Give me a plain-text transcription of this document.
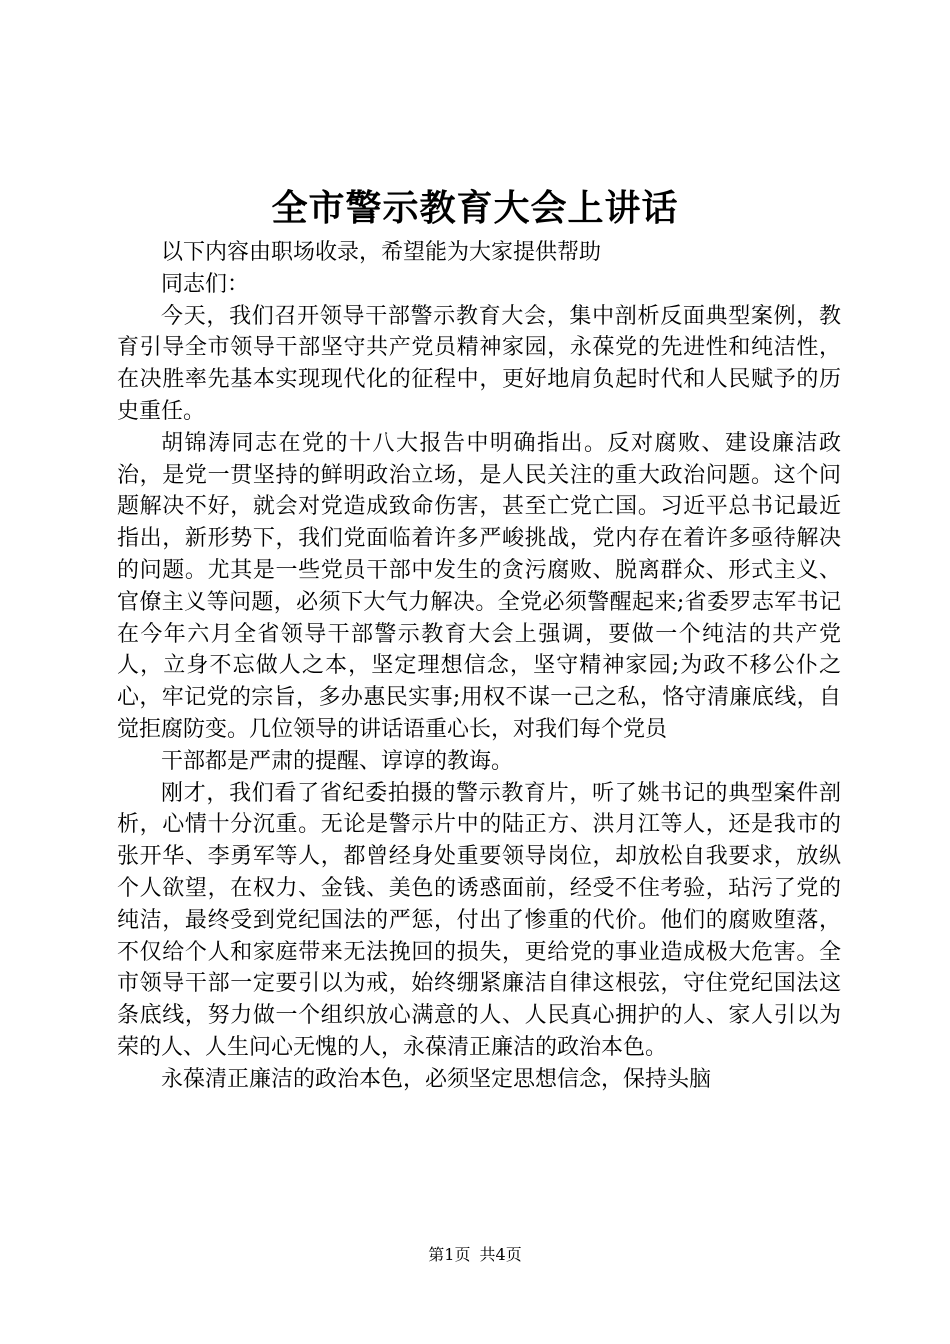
全市警示教育大会上讲话

以下内容由职场收录，希望能为大家提供帮助

同志们：

今天，我们召开领导干部警示教育大会，集中剖析反面典型案例，教育引导全市领导干部坚守共产党员精神家园，永葆党的先进性和纯洁性，在决胜率先基本实现现代化的征程中，更好地肩负起时代和人民赋予的历史重任。

胡锦涛同志在党的十八大报告中明确指出。反对腐败、建设廉洁政治，是党一贯坚持的鲜明政治立场，是人民关注的重大政治问题。这个问题解决不好，就会对党造成致命伤害，甚至亡党亡国。习近平总书记最近指出，新形势下，我们党面临着许多严峻挑战，党内存在着许多亟待解决的问题。尤其是一些党员干部中发生的贪污腐败、脱离群众、形式主义、官僚主义等问题，必须下大气力解决。全党必须警醒起来;省委罗志军书记在今年六月全省领导干部警示教育大会上强调，要做一个纯洁的共产党人，立身不忘做人之本，坚定理想信念，坚守精神家园;为政不移公仆之心，牢记党的宗旨，多办惠民实事;用权不谋一己之私，恪守清廉底线，自觉拒腐防变。几位领导的讲话语重心长，对我们每个党员

干部都是严肃的提醒、谆谆的教诲。

刚才，我们看了省纪委拍摄的警示教育片，听了姚书记的典型案件剖析，心情十分沉重。无论是警示片中的陆正方、洪月江等人，还是我市的张开华、李勇军等人，都曾经身处重要领导岗位，却放松自我要求，放纵个人欲望，在权力、金钱、美色的诱惑面前，经受不住考验，玷污了党的纯洁，最终受到党纪国法的严惩，付出了惨重的代价。他们的腐败堕落，不仅给个人和家庭带来无法挽回的损失，更给党的事业造成极大危害。全市领导干部一定要引以为戒，始终绷紧廉洁自律这根弦，守住党纪国法这条底线，努力做一个组织放心满意的人、人民真心拥护的人、家人引以为荣的人、人生问心无愧的人，永葆清正廉洁的政治本色。

永葆清正廉洁的政治本色，必须坚定思想信念，保持头脑

第1页 共4页
